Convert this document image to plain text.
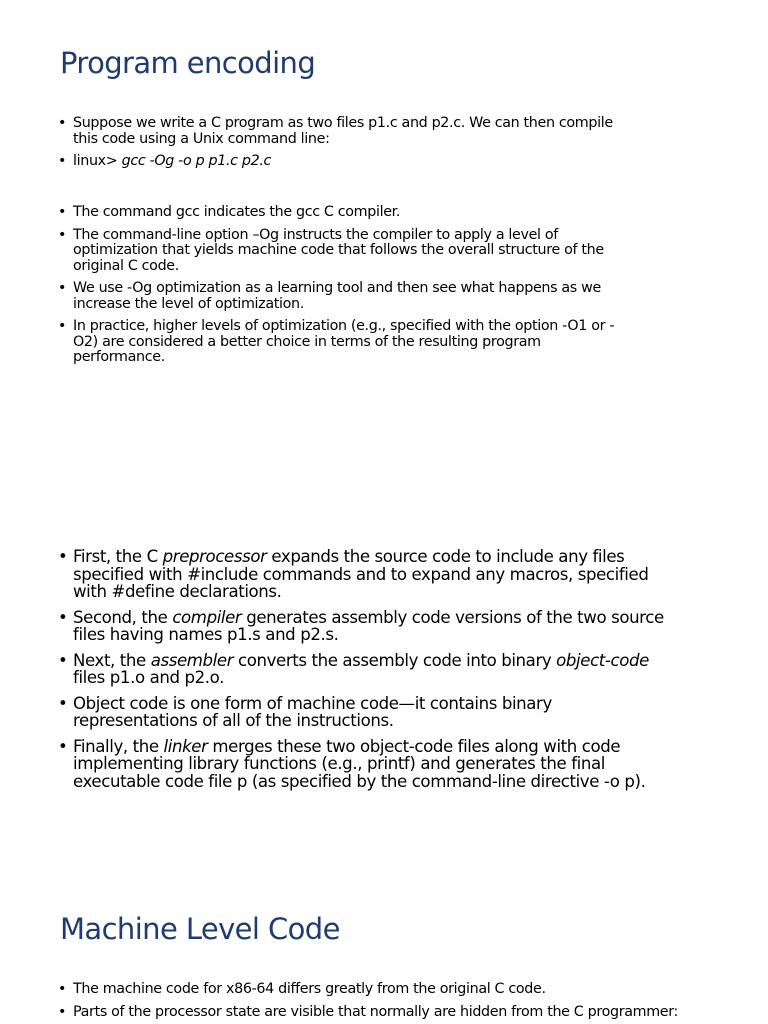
Program encoding
• Suppose we write a C program as two files p1.c and p2.c. We can then compile
this code using a Unix command line:
• linux> gcc -Og -o p p1.c p2.c
• The command gcc indicates the gcc C compiler.
• The command-line option –Og instructs the compiler to apply a level of
optimization that yields machine code that follows the overall structure of the
original C code.
• We use -Og optimization as a learning tool and then see what happens as we
increase the level of optimization.
• In practice, higher levels of optimization (e.g., specified with the option -O1 or -
O2) are considered a better choice in terms of the resulting program
performance.
• First, the C preprocessor expands the source code to include any files
specified with #include commands and to expand any macros, specified
with #define declarations.
• Second, the compiler generates assembly code versions of the two source
files having names p1.s and p2.s.
• Next, the assembler converts the assembly code into binary object-code
files p1.o and p2.o.
• Object code is one form of machine code—it contains binary
representations of all of the instructions.
• Finally, the linker merges these two object-code files along with code
implementing library functions (e.g., printf) and generates the final
executable code file p (as specified by the command-line directive -o p).
Machine Level Code
• The machine code for x86-64 differs greatly from the original C code.
• Parts of the processor state are visible that normally are hidden from the C programmer:
